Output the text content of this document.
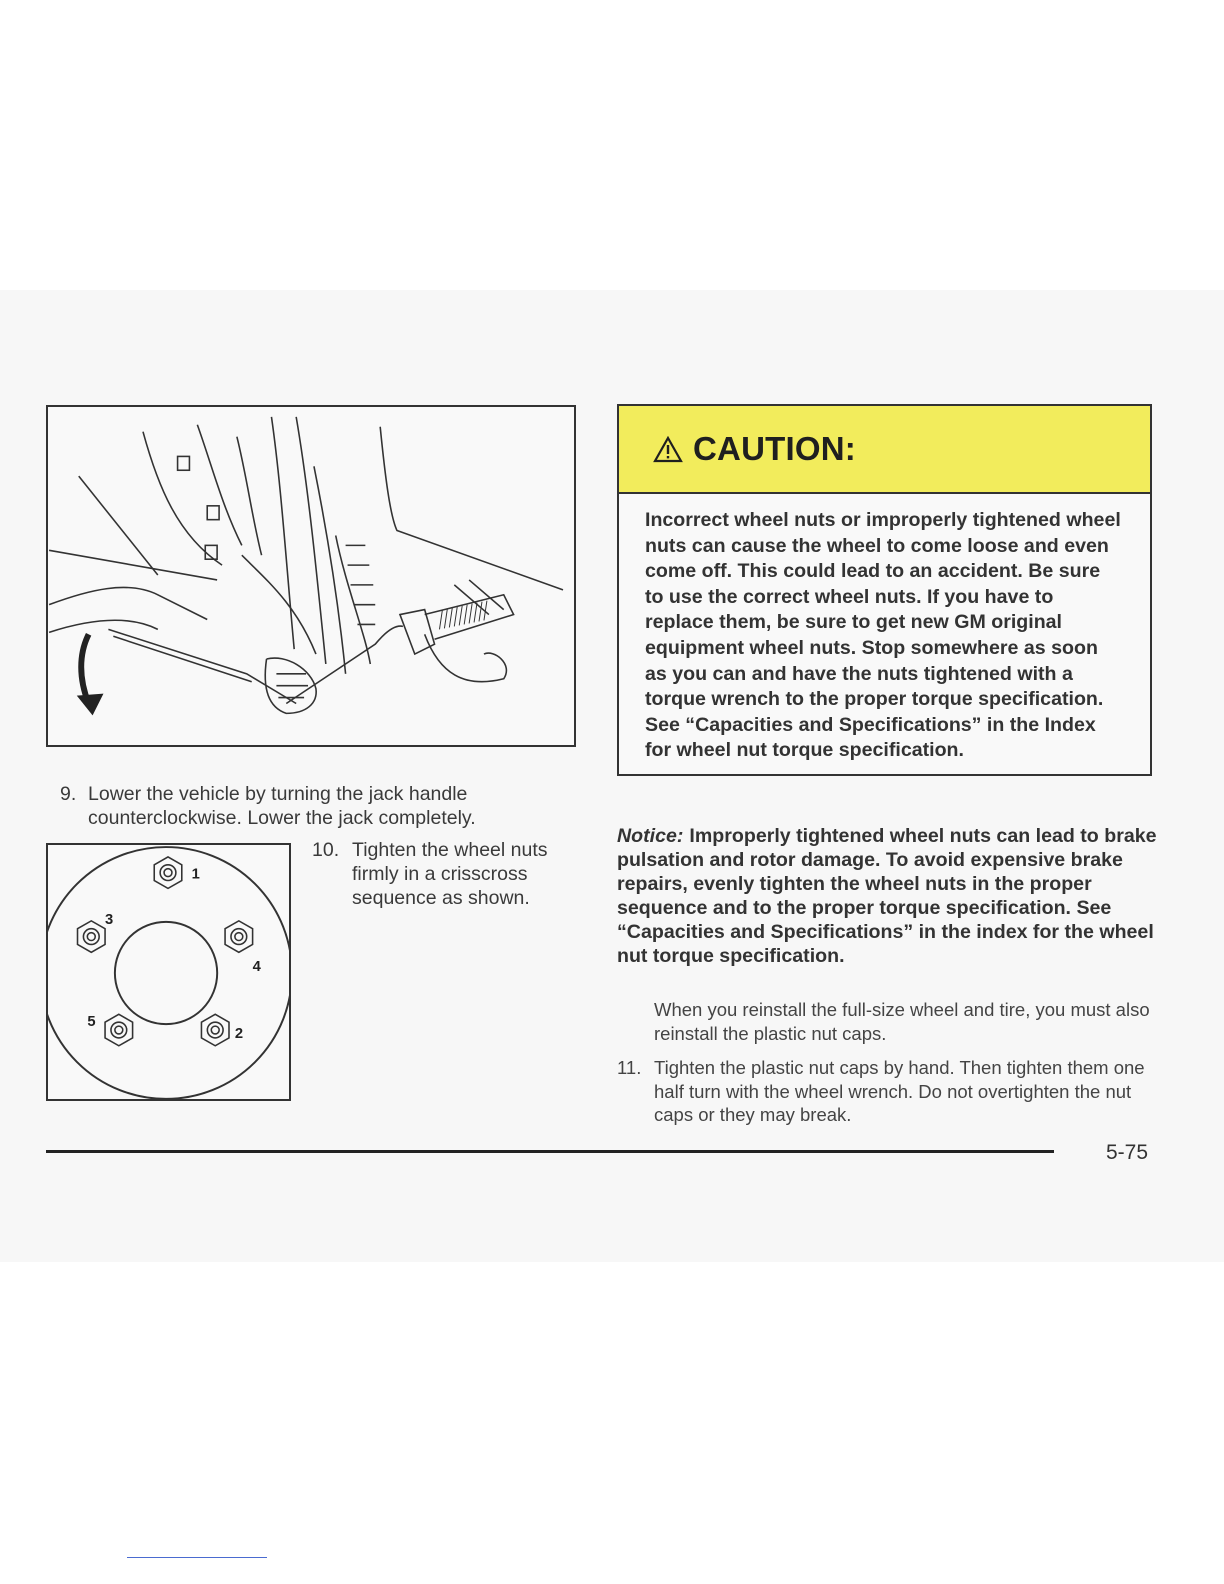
9. Lower the vehicle by turning the jack handle counterclockwise. Lower the jack completely.
1
2
3
4
5
10. Tighten the wheel nuts firmly in a crisscross sequence as shown.
CAUTION:
Incorrect wheel nuts or improperly tightened wheel nuts can cause the wheel to come loose and even come off. This could lead to an accident. Be sure to use the correct wheel nuts. If you have to replace them, be sure to get new GM original equipment wheel nuts. Stop somewhere as soon as you can and have the nuts tightened with a torque wrench to the proper torque specification. See “Capacities and Specifications” in the Index for wheel nut torque specification.
Notice: Improperly tightened wheel nuts can lead to brake pulsation and rotor damage. To avoid expensive brake repairs, evenly tighten the wheel nuts in the proper sequence and to the proper torque specification. See “Capacities and Specifications” in the index for the wheel nut torque specification.
When you reinstall the full-size wheel and tire, you must also reinstall the plastic nut caps.
11. Tighten the plastic nut caps by hand. Then tighten them one half turn with the wheel wrench. Do not overtighten the nut caps or they may break.
5-75
